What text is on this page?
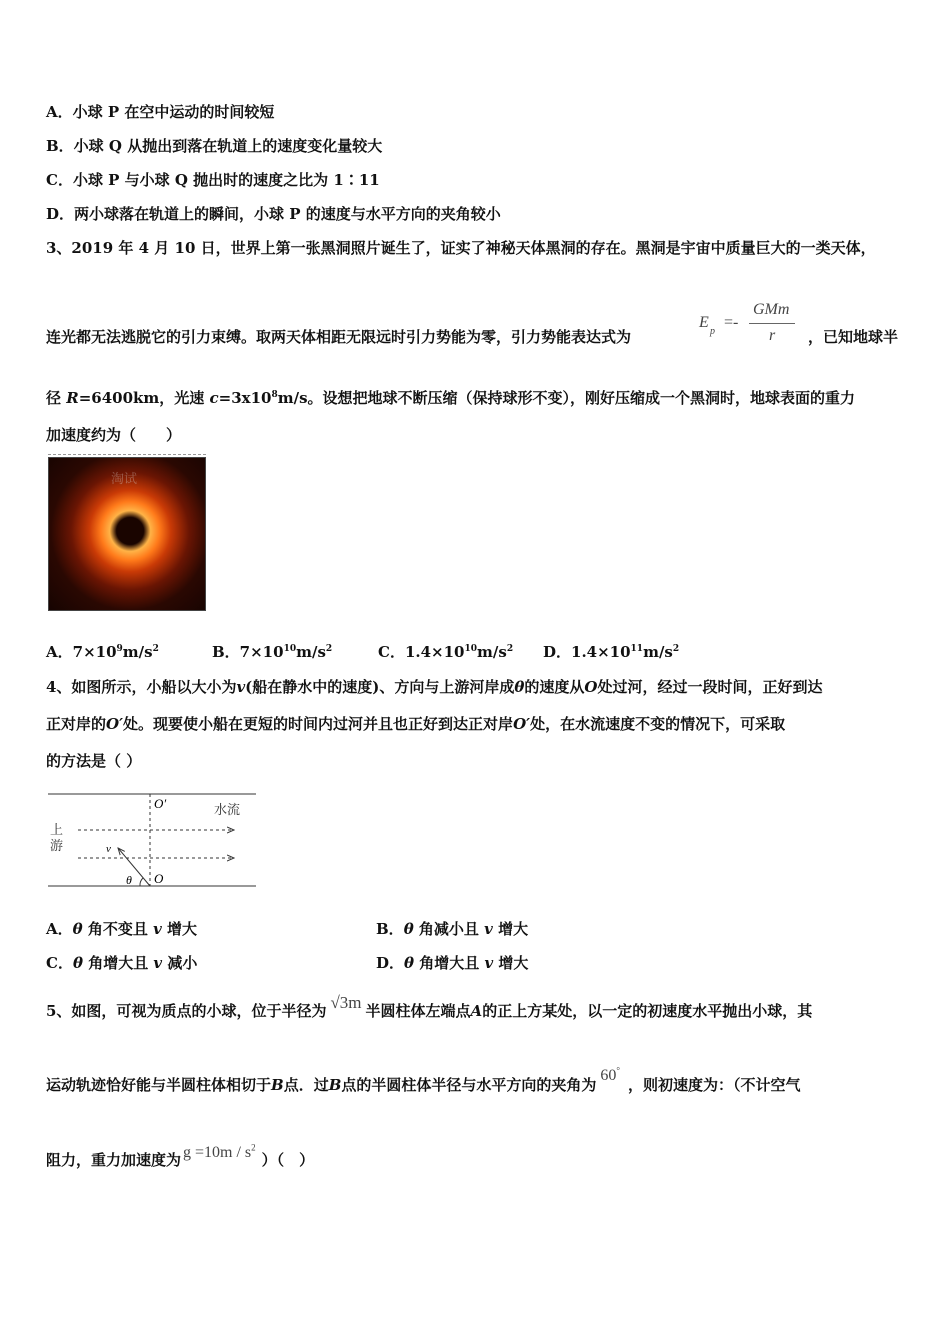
A．小球 P 在空中运动的时间较短
B．小球 Q 从抛出到落在轨道上的速度变化量较大
C．小球 P 与小球 Q 抛出时的速度之比为 1∶11
D．两小球落在轨道上的瞬间，小球 P 的速度与水平方向的夹角较小
3、2019 年 4 月 10 日，世界上第一张黑洞照片诞生了，证实了神秘天体黑洞的存在。黑洞是宇宙中质量巨大的一类天体，
连光都无法逃脱它的引力束缚。取两天体相距无限远时引力势能为零，引力势能表达式为
E
p
=-
GMm
r ，已知地球半
径 R=6400km，光速 $c=3x10^8m/s$。设想把地球不断压缩（保持球形不变），刚好压缩成一个黑洞时，地球表面的重力
加速度约为（　　）
淘试
A．$7\times 10^9m/s^2$	B．$7\times 10^{10}m/s^2$	C．$1.4\times 10^{10}m/s^2$ D．$1.4\times 10^{11}m/s^2$
4、如图所示，小船以大小为v(船在静水中的速度)、方向与上游河岸成θ的速度从O处过河，经过一段时间，正好到达
正对岸的O′处。现要使小船在更短的时间内过河并且也正好到达正对岸O′处，在水流速度不变的情况下，可采取
的方法是（ ）
O′	水流
上
游	v
θ O
A．θ 角不变且 v 增大	B．θ 角减小且 v 增大
C．θ 角增大且 v 减小	D．θ 角增大且 v 增大
5、如图，可视为质点的小球，位于半径为 √3m 半圆柱体左端点A的正上方某处，以一定的初速度水平抛出小球，其
运动轨迹恰好能与半圆柱体相切于B点．过B点的半圆柱体半径与水平方向的夹角为60°，则初速度为：（不计空气
阻力，重力加速度为 $g =10m / s^2$）（　）
